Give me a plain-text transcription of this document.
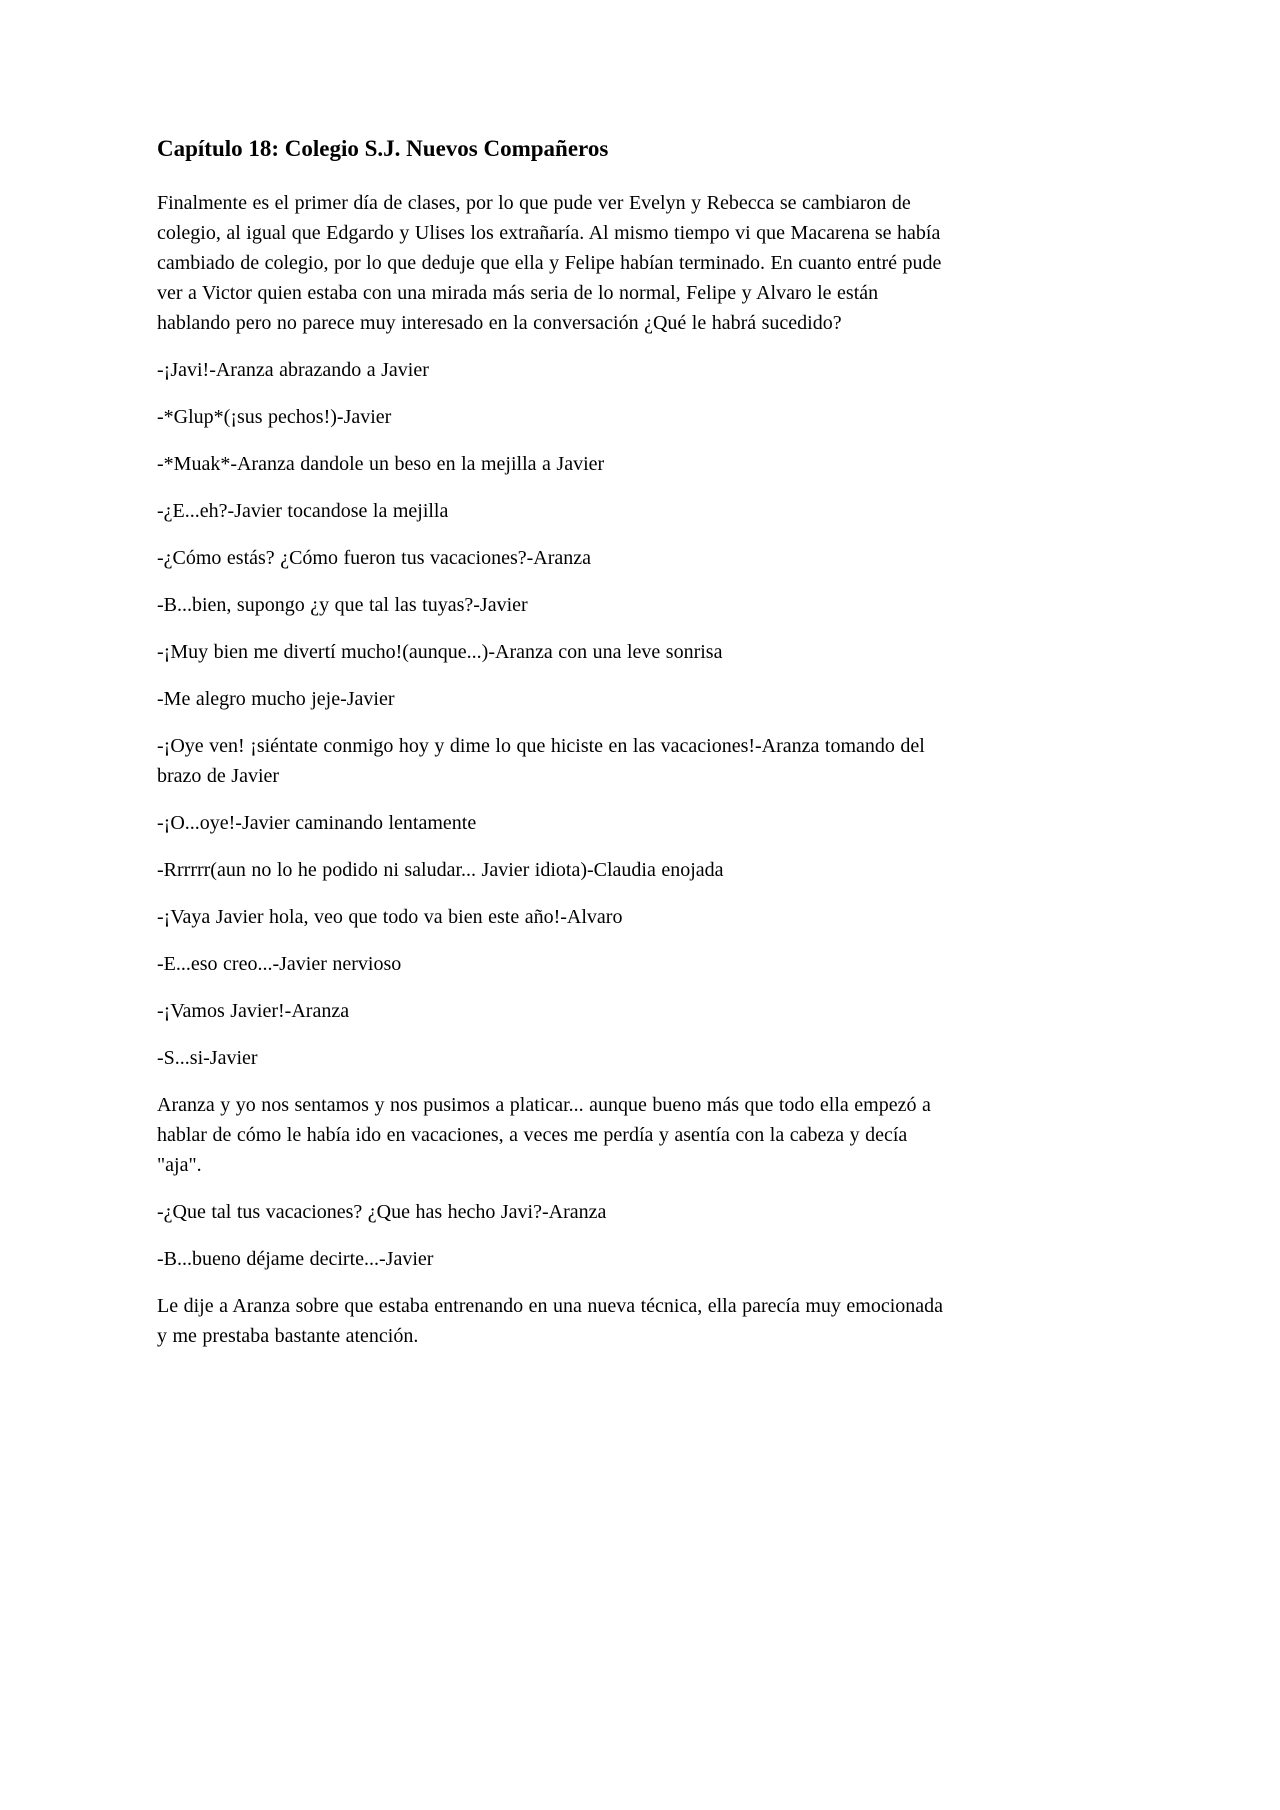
Capítulo 18: Colegio S.J. Nuevos Compañeros

Finalmente es el primer día de clases, por lo que pude ver Evelyn y Rebecca se cambiaron de colegio, al igual que Edgardo y Ulises los extrañaría. Al mismo tiempo vi que Macarena se había cambiado de colegio, por lo que deduje que ella y Felipe habían terminado. En cuanto entré pude ver a Victor quien estaba con una mirada más seria de lo normal, Felipe y Alvaro le están hablando pero no parece muy interesado en la conversación ¿Qué le habrá sucedido?

-¡Javi!-Aranza abrazando a Javier

-*Glup*(¡sus pechos!)-Javier

-*Muak*-Aranza dandole un beso en la mejilla a Javier

-¿E...eh?-Javier tocandose la mejilla

-¿Cómo estás? ¿Cómo fueron tus vacaciones?-Aranza

-B...bien, supongo ¿y que tal las tuyas?-Javier

-¡Muy bien me divertí mucho!(aunque...)-Aranza con una leve sonrisa

-Me alegro mucho jeje-Javier

-¡Oye ven! ¡siéntate conmigo hoy y dime lo que hiciste en las vacaciones!-Aranza tomando del brazo de Javier

-¡O...oye!-Javier caminando lentamente

-Rrrrrr(aun no lo he podido ni saludar... Javier idiota)-Claudia enojada

-¡Vaya Javier hola, veo que todo va bien este año!-Alvaro

-E...eso creo...-Javier nervioso

-¡Vamos Javier!-Aranza

-S...si-Javier

Aranza y yo nos sentamos y nos pusimos a platicar... aunque bueno más que todo ella empezó a hablar de cómo le había ido en vacaciones, a veces me perdía y asentía con la cabeza y decía "aja".

-¿Que tal tus vacaciones? ¿Que has hecho Javi?-Aranza

-B...bueno déjame decirte...-Javier

Le dije a Aranza sobre que estaba entrenando en una nueva técnica, ella parecía muy emocionada y me prestaba bastante atención.
